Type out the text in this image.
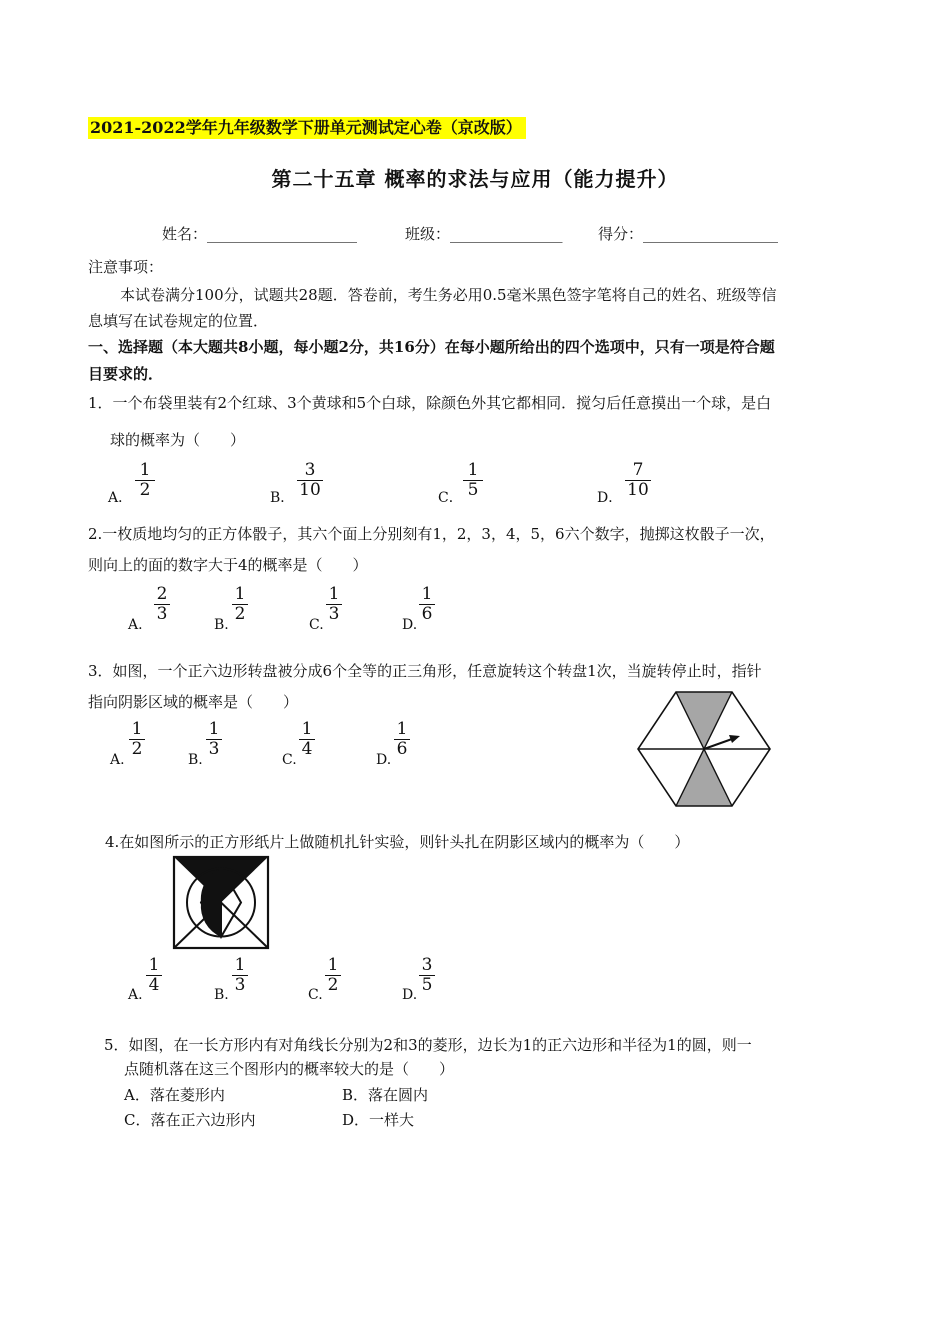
2021-2022学年九年级数学下册单元测试定心卷（京改版）
第二十五章 概率的求法与应用（能力提升）
姓名：____________________	班级：_______________ 得分：__________________
注意事项：
本试卷满分100分，试题共28题．答卷前，考生务必用0.5毫米黑色签字笔将自己的姓名、班级等信
息填写在试卷规定的位置．
一、选择题（本大题共8小题，每小题2分，共16分）在每小题所给出的四个选项中，只有一项是符合题
目要求的．
1．一个布袋里装有2个红球、3个黄球和5个白球，除颜色外其它都相同．搅匀后任意摸出一个球，是白
球的概率为（　　）
A．
1
2	B．
3
10	C．
1
5	D．
7
10
2.一枚质地均匀的正方体骰子，其六个面上分别刻有1，2，3，4，5，6六个数字，抛掷这枚骰子一次，
则向上的面的数字大于4的概率是（　　）
A.
2
3
B.
1
2
C.
1
3
D.
1
6
3．如图，一个正六边形转盘被分成6个全等的正三角形，任意旋转这个转盘1次，当旋转停止时，指针
指向阴影区域的概率是（　　）
A.
1
2
B.
1
3
C.
1
4
D.
1
6
4.在如图所示的正方形纸片上做随机扎针实验，则针头扎在阴影区域内的概率为（　　）
A.
1
4	B.
1
3	C.
1
2	D.
3
5
5．如图，在一长方形内有对角线长分别为2和3的菱形，边长为1的正六边形和半径为1的圆，则一
点随机落在这三个图形内的概率较大的是（　　）
A．落在菱形内	B．落在圆内
C．落在正六边形内	D．一样大
